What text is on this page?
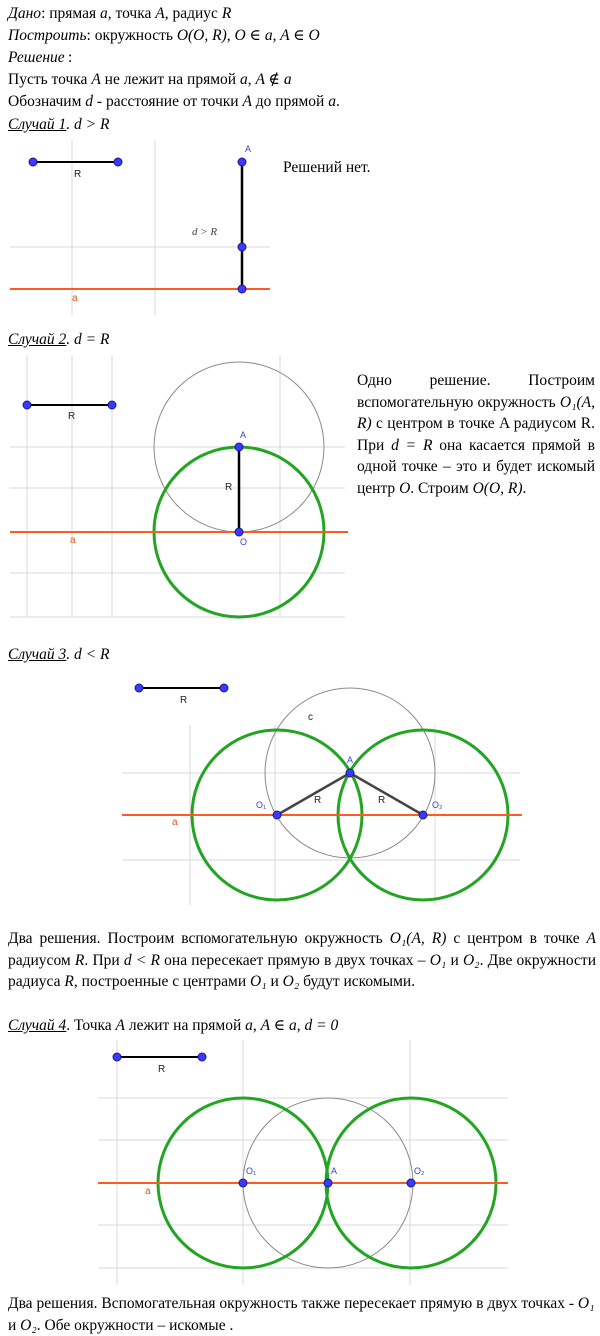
Дано: прямая a, точка A, радиус R
Построить: окружность O(O, R), O ∈ a, A ∈ O
Решение :
Пусть точка A не лежит на прямой a, A ∉ a
Обозначим d - расстояние от точки A до прямой a.
Случай 1. d > R
R
a
A
d > R
Решений нет.
Случай 2. d = R
a
R
A
O
R
Одно решение. Построим вспомогательную окружность O₁(A, R) с центром в точке A радиусом R. При d = R она касается прямой в одной точке – это и будет искомый центр O. Строим O(O, R).
Случай 3. d < R
a
R
A
O₁	O₂
c
R	R
Два решения. Построим вспомогательную окружность O₁(A, R) с центром в точке A радиусом R. При d < R она пересекает прямую в двух точках – O₁ и O₂. Две окружности радиуса R, построенные с центрами O₁ и O₂ будут искомыми.
Случай 4. Точка A лежит на прямой a, A ∈ a, d = 0
a
R
O₁	A	O₂
Два решения. Вспомогательная окружность также пересекает прямую в двух точках - O₁ и O₂. Обе окружности – искомые .
